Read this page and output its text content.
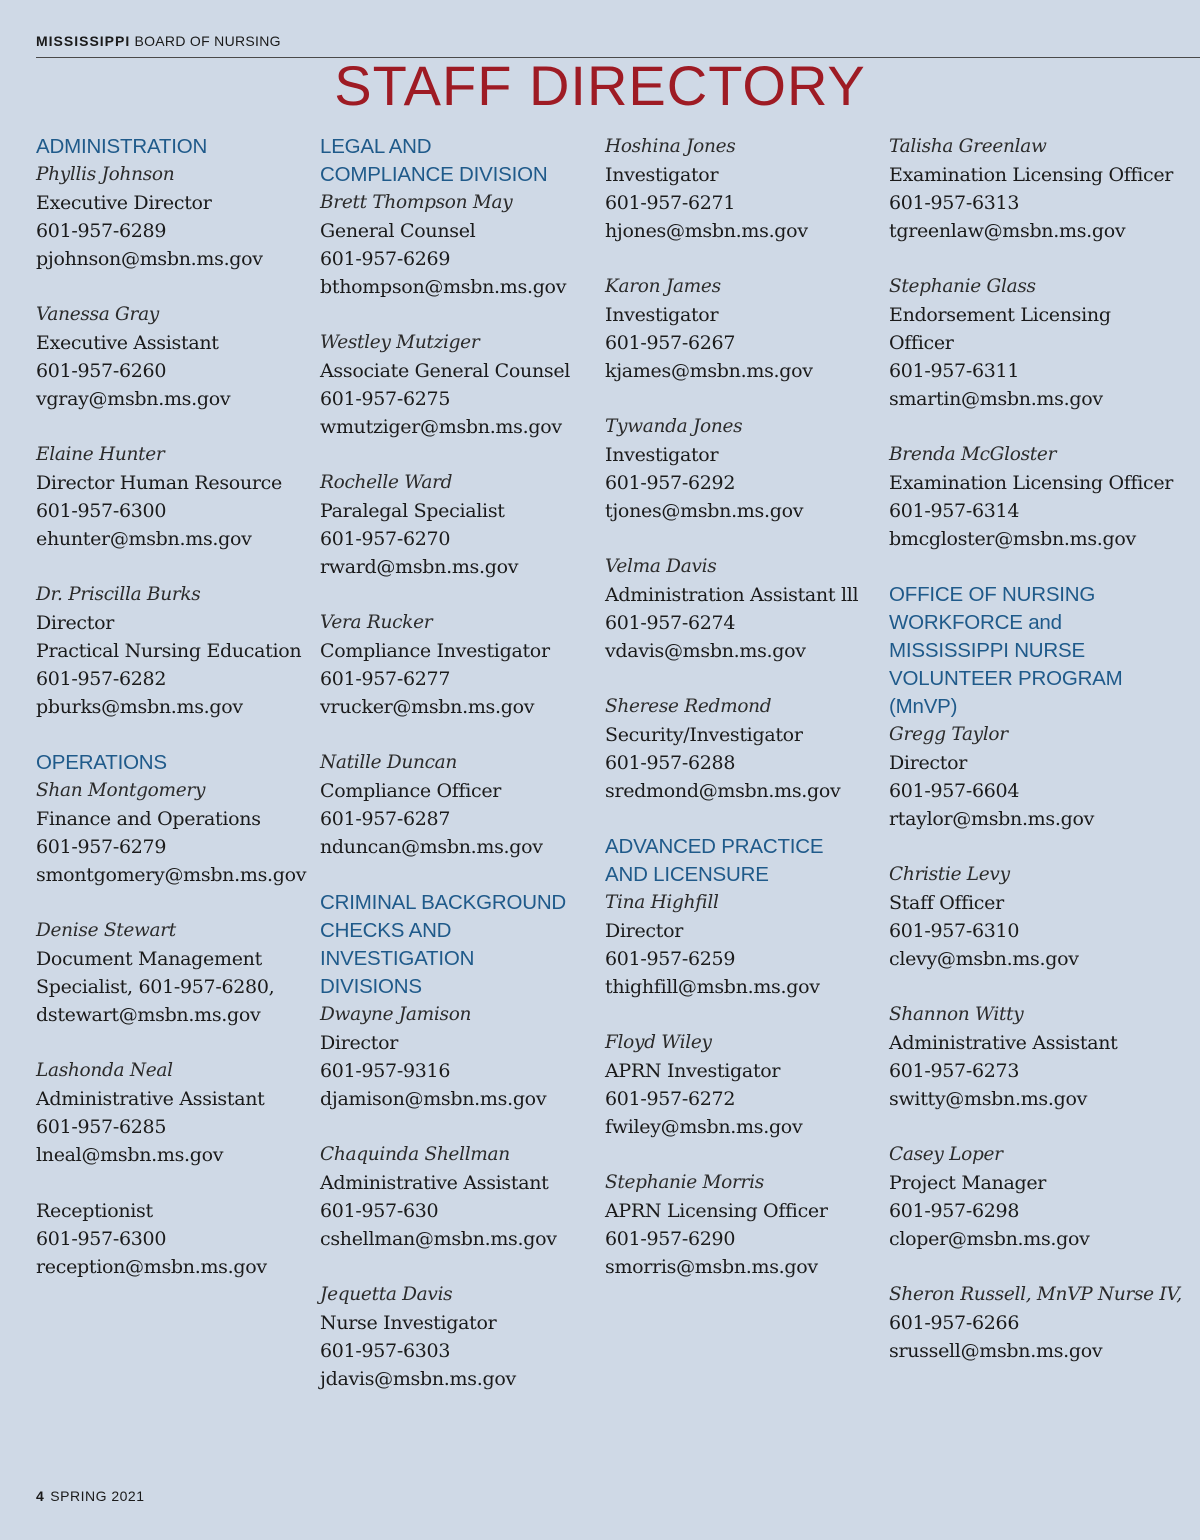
MISSISSIPPI BOARD OF NURSING
STAFF DIRECTORY
ADMINISTRATION
Phyllis Johnson
Executive Director
601-957-6289
pjohnson@msbn.ms.gov
Vanessa Gray
Executive Assistant
601-957-6260
vgray@msbn.ms.gov
Elaine Hunter
Director Human Resource
601-957-6300
ehunter@msbn.ms.gov
Dr. Priscilla Burks
Director
Practical Nursing Education
601-957-6282
pburks@msbn.ms.gov
OPERATIONS
Shan Montgomery
Finance and Operations
601-957-6279
smontgomery@msbn.ms.gov
Denise Stewart
Document Management
Specialist, 601-957-6280,
dstewart@msbn.ms.gov
Lashonda Neal
Administrative Assistant
601-957-6285
lneal@msbn.ms.gov
Receptionist
601-957-6300
reception@msbn.ms.gov
LEGAL AND
COMPLIANCE DIVISION
Brett Thompson May
General Counsel
601-957-6269
bthompson@msbn.ms.gov
Westley Mutziger
Associate General Counsel
601-957-6275
wmutziger@msbn.ms.gov
Rochelle Ward
Paralegal Specialist
601-957-6270
rward@msbn.ms.gov
Vera Rucker
Compliance Investigator
601-957-6277
vrucker@msbn.ms.gov
Natille Duncan
Compliance Officer
601-957-6287
nduncan@msbn.ms.gov
CRIMINAL BACKGROUND
CHECKS AND INVESTIGATION
DIVISIONS
Dwayne Jamison
Director
601-957-9316
djamison@msbn.ms.gov
Chaquinda Shellman
Administrative Assistant
601-957-630
cshellman@msbn.ms.gov
Jequetta Davis
Nurse Investigator
601-957-6303
jdavis@msbn.ms.gov
Hoshina Jones
Investigator
601-957-6271
hjones@msbn.ms.gov
Karon James
Investigator
601-957-6267
kjames@msbn.ms.gov
Tywanda Jones
Investigator
601-957-6292
tjones@msbn.ms.gov
Velma Davis
Administration Assistant lll
601-957-6274
vdavis@msbn.ms.gov
Sherese Redmond
Security/Investigator
601-957-6288
sredmond@msbn.ms.gov
ADVANCED PRACTICE
AND LICENSURE
Tina Highfill
Director
601-957-6259
thighfill@msbn.ms.gov
Floyd Wiley
APRN Investigator
601-957-6272
fwiley@msbn.ms.gov
Stephanie Morris
APRN Licensing Officer
601-957-6290
smorris@msbn.ms.gov
Talisha Greenlaw
Examination Licensing Officer
601-957-6313
tgreenlaw@msbn.ms.gov
Stephanie Glass
Endorsement Licensing
Officer
601-957-6311
smartin@msbn.ms.gov
Brenda McGloster
Examination Licensing Officer
601-957-6314
bmcgloster@msbn.ms.gov
OFFICE OF NURSING
WORKFORCE and
MISSISSIPPI NURSE
VOLUNTEER PROGRAM (MnVP)
Gregg Taylor
Director
601-957-6604
rtaylor@msbn.ms.gov
Christie Levy
Staff Officer
601-957-6310
clevy@msbn.ms.gov
Shannon Witty
Administrative Assistant
601-957-6273
switty@msbn.ms.gov
Casey Loper
Project Manager
601-957-6298
cloper@msbn.ms.gov
Sheron Russell, MnVP Nurse IV,
601-957-6266
srussell@msbn.ms.gov
4 SPRING 2021
